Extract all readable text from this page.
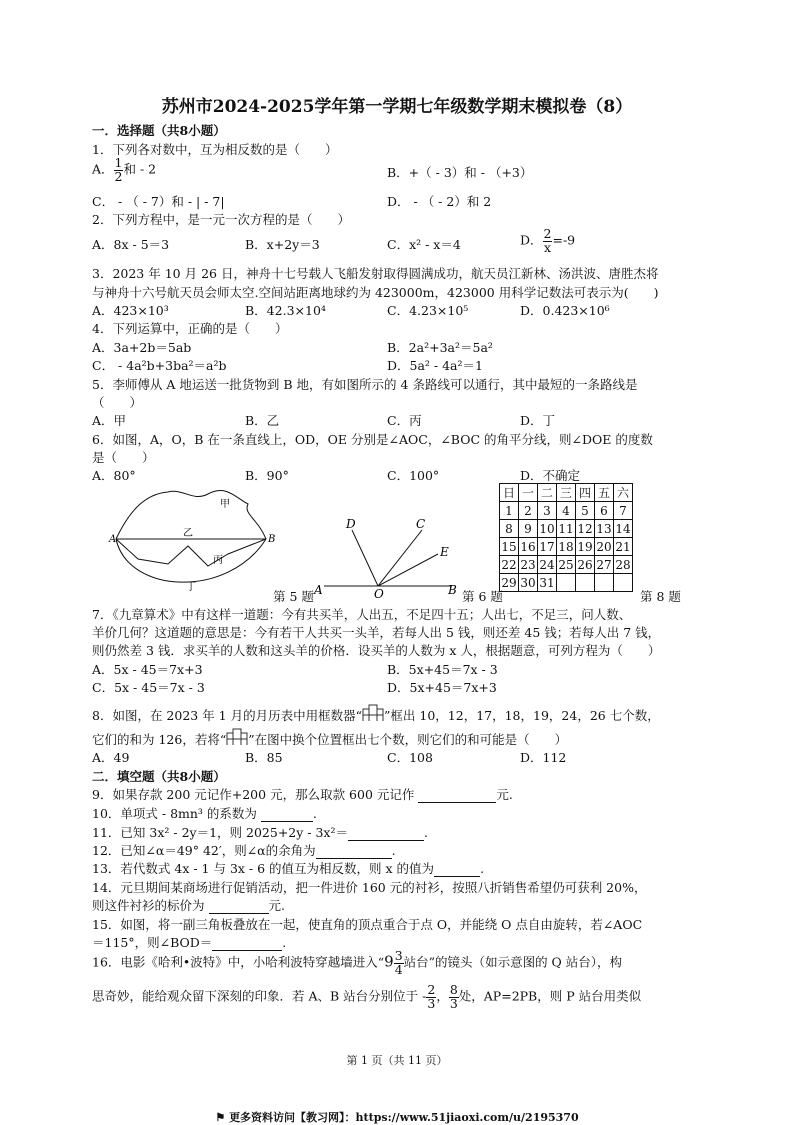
苏州市2024-2025学年第一学期七年级数学期末模拟卷（8）
一．选择题（共8小题）
1．下列各对数中，互为相反数的是（　　）
A． $\frac{1}{2}$ 和 - 2	B．+（ - 3）和 - （+3）
C． - （ - 7）和 - | - 7|	D． - （ - 2）和 2
2．下列方程中，是一元一次方程的是（　　）
A．8x - 5＝3	B．x+2y＝3	C．x² - x＝4	D． $\frac{2}{x} =-9$
3．2023 年 10 月 26 日，神舟十七号载人飞船发射取得圆满成功，航天员江新林、汤洪波、唐胜杰将
与神舟十六号航天员会师太空.空间站距离地球约为 423000m，423000 用科学记数法可表示为(　　)
A．423×10³	B．42.3×10⁴	C．4.23×10⁵	D．0.423×10⁶
4．下列运算中，正确的是（　　）
A．3a+2b＝5ab	B．2a²+3a²＝5a²
C． - 4a²b+3ba²＝a²b	D．5a² - 4a²＝1
5．李师傅从 A 地运送一批货物到 B 地，有如图所示的 4 条路线可以通行，其中最短的一条路线是
（　　）
A．甲	B．乙	C．丙	D．丁
6．如图，A，O，B 在一条直线上，OD，OE 分别是∠AOC，∠BOC 的角平分线，则∠DOE 的度数
是（　　）
A．80°	B．90°	C．100°	D．不确定
甲
乙
丙
丁
A	B
第 5 题
D	C
E
A	O	B 第 6 题
日	一	二	三	四	五	六
1	2	3	4	5	6	7
8	9	10	11	12	13	14
15	16	17	18	19	20	21
22	23	24	25	26	27	28
29	30	31				
第 8 题
7．《九章算术》中有这样一道题：今有共买羊，人出五，不足四十五；人出七，不足三，问人数、
羊价几何？这道题的意思是：今有若干人共买一头羊，若每人出 5 钱，则还差 45 钱；若每人出 7 钱，
则仍然差 3 钱．求买羊的人数和这头羊的价格．设买羊的人数为 x 人，根据题意，可列方程为（　　）
A．5x - 45＝7x+3	B．5x+45＝7x - 3
C．5x - 45＝7x - 3	D．5x+45＝7x+3
8．如图，在 2023 年 1 月的月历表中用框数器“ ”框出 10，12，17，18，19，24，26 七个数，
它们的和为 126，若将“ ”在图中换个位置框出七个数，则它们的和可能是（　　）
A．49	B．85	C．108	D．112
二．填空题（共8小题）
9．如果存款 200 元记作+200 元，那么取款 600 元记作	元.
10．单项式 - 8mn³ 的系数为	.
11．已知 3x² - 2y＝1，则 2025+2y - 3x²＝	.
12．已知∠α＝49° 42′，则∠α的余角为	.
13．若代数式 4x - 1 与 3x - 6 的值互为相反数，则 x 的值为	.
14．元旦期间某商场进行促销活动，把一件进价 160 元的衬衫，按照八折销售希望仍可获利 20%，
则这件衬衫的标价为	元.
15．如图，将一副三角板叠放在一起，使直角的顶点重合于点 O，并能绕 O 点自由旋转，若∠AOC
＝115°，则∠BOD＝	.
16．电影《哈利•波特》中，小哈利波特穿越墙进入“$9 \frac{3}{4}$ 站台”的镜头（如示意图的 Q 站台），构
思奇妙，能给观众留下深刻的印象．若 A、B 站台分别位于 - $\frac{2}{3}$ ， $\frac{8}{3}$ 处，AP=2PB，则 P 站台用类似
第 1 页（共 11 页）
⚑ 更多资料访问【教习网】：https://www.51jiaoxi.com/u/2195370
